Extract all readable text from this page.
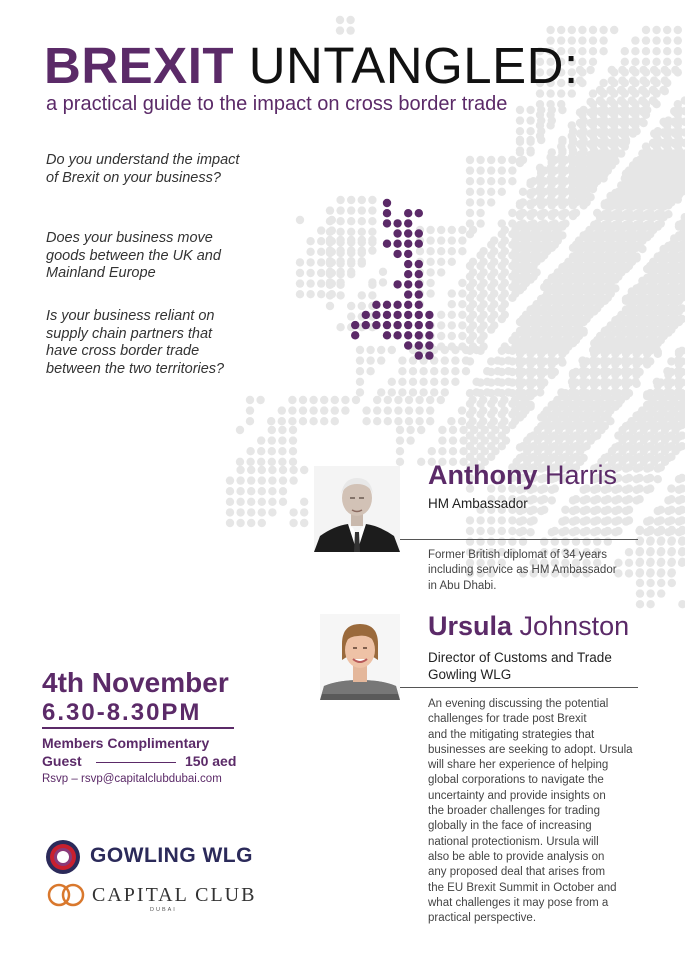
BREXIT UNTANGLED:
a practical guide to the impact on cross border trade
Do you understand the impact
of Brexit on your business?
Does your business move
goods between the UK and
Mainland Europe
Is your business reliant on
supply chain partners that
have cross border trade
between the two territories?
Anthony Harris
HM Ambassador
Former British diplomat of 34 years
including service as HM Ambassador
in Abu Dhabi.
Ursula Johnston
Director of Customs and Trade
Gowling WLG
An evening discussing the potential
challenges for trade post Brexit
and the mitigating strategies that
businesses are seeking to adopt. Ursula
will share her experience of helping
global corporations to navigate the
uncertainty and provide insights on
the broader challenges for trading
globally in the face of increasing
national protectionism. Ursula will
also be able to provide analysis on
any proposed deal that arises from
the EU Brexit Summit in October and
what challenges it may pose from a
practical perspective.
4th November
6.30-8.30PM
Members Complimentary
Guest	150 aed
Rsvp – rsvp@capitalclubdubai.com
GOWLING WLG
CAPITAL CLUB
DUBAI
